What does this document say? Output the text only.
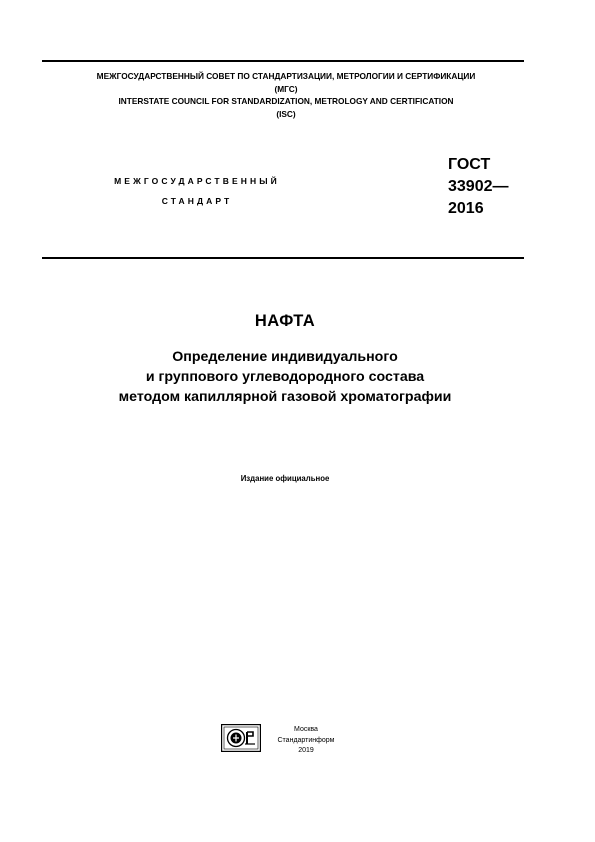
МЕЖГОСУДАРСТВЕННЫЙ СОВЕТ ПО СТАНДАРТИЗАЦИИ, МЕТРОЛОГИИ И СЕРТИФИКАЦИИ
(МГС)
INTERSTATE COUNCIL FOR STANDARDIZATION, METROLOGY AND CERTIFICATION
(ISC)
МЕЖГОСУДАРСТВЕННЫЙ
СТАНДАРТ
ГОСТ
33902—
2016
НАФТА
Определение индивидуального
и группового углеводородного состава
методом капиллярной газовой хроматографии
Издание официальное
Москва
Стандартинформ
2019
